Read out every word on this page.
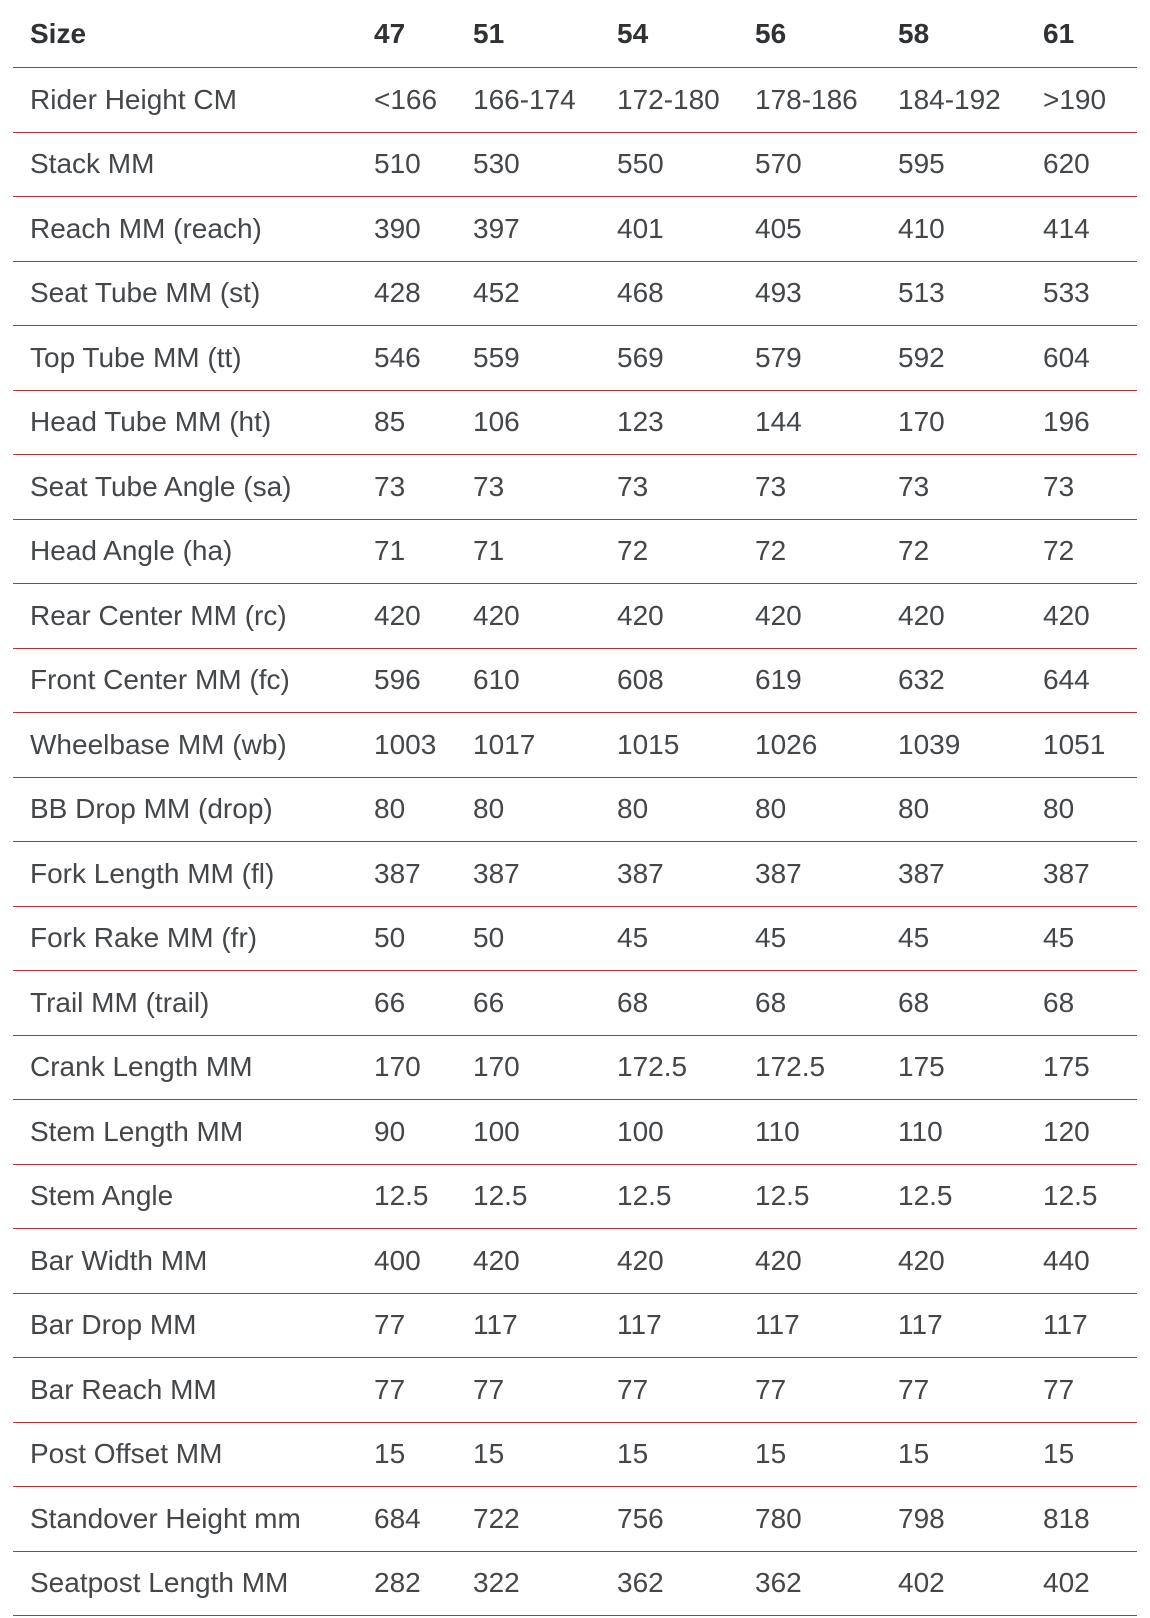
Size	47	51	54	56	58	61
Rider Height CM	<166	166-174	172-180	178-186	184-192	>190
Stack MM	510	530	550	570	595	620
Reach MM (reach)	390	397	401	405	410	414
Seat Tube MM (st)	428	452	468	493	513	533
Top Tube MM (tt)	546	559	569	579	592	604
Head Tube MM (ht)	85	106	123	144	170	196
Seat Tube Angle (sa)	73	73	73	73	73	73
Head Angle (ha)	71	71	72	72	72	72
Rear Center MM (rc)	420	420	420	420	420	420
Front Center MM (fc)	596	610	608	619	632	644
Wheelbase MM (wb)	1003	1017	1015	1026	1039	1051
BB Drop MM (drop)	80	80	80	80	80	80
Fork Length MM (fl)	387	387	387	387	387	387
Fork Rake MM (fr)	50	50	45	45	45	45
Trail MM (trail)	66	66	68	68	68	68
Crank Length MM	170	170	172.5	172.5	175	175
Stem Length MM	90	100	100	110	110	120
Stem Angle	12.5	12.5	12.5	12.5	12.5	12.5
Bar Width MM	400	420	420	420	420	440
Bar Drop MM	77	117	117	117	117	117
Bar Reach MM	77	77	77	77	77	77
Post Offset MM	15	15	15	15	15	15
Standover Height mm	684	722	756	780	798	818
Seatpost Length MM	282	322	362	362	402	402
